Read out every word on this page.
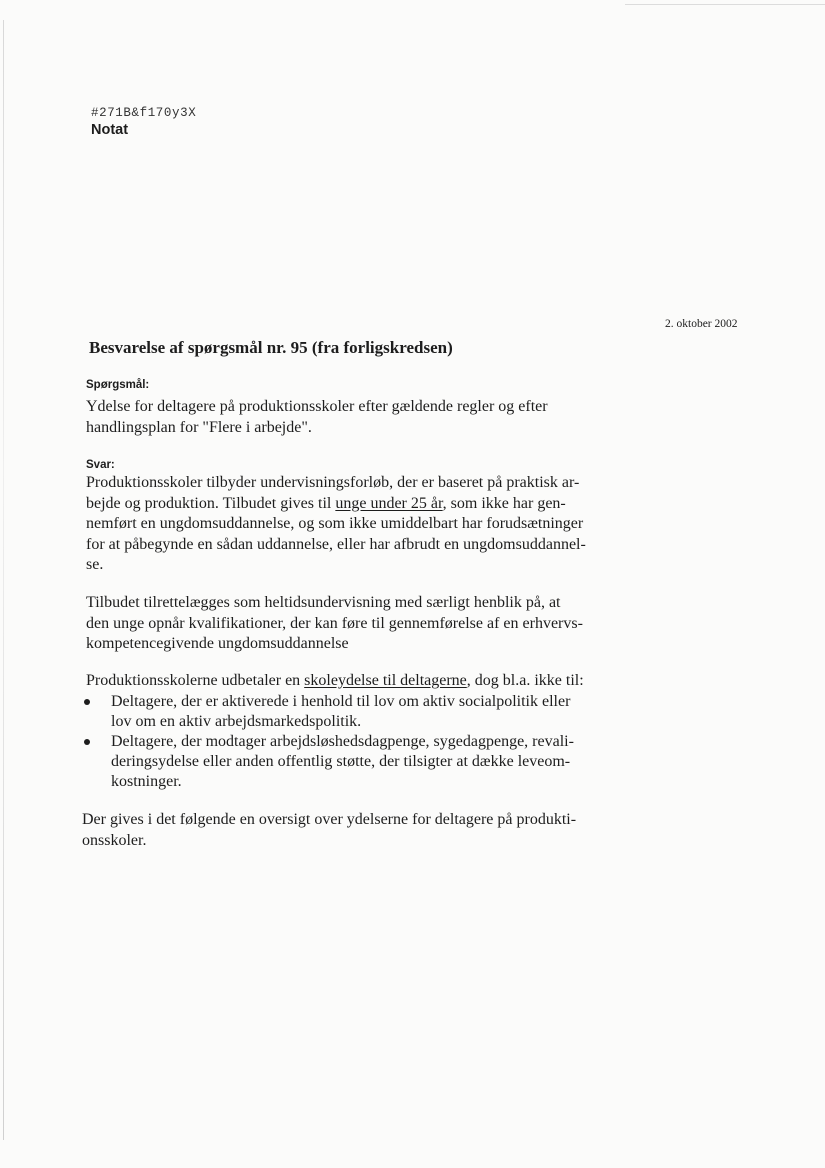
#271B&f170y3X
Notat
2. oktober 2002
Besvarelse af spørgsmål nr. 95 (fra forligskredsen)
Spørgsmål:
Ydelse for deltagere på produktionsskoler efter gældende regler og efter
handlingsplan for "Flere i arbejde".
Svar:
Produktionsskoler tilbyder undervisningsforløb, der er baseret på praktisk ar-
bejde og produktion. Tilbudet gives til unge under 25 år, som ikke har gen-
nemført en ungdomsuddannelse, og som ikke umiddelbart har forudsætninger
for at påbegynde en sådan uddannelse, eller har afbrudt en ungdomsuddannel-
se.
Tilbudet tilrettelægges som heltidsundervisning med særligt henblik på, at
den unge opnår kvalifikationer, der kan føre til gennemførelse af en erhvervs-
kompetencegivende ungdomsuddannelse
Produktionsskolerne udbetaler en skoleydelse til deltagerne, dog bl.a. ikke til:
Deltagere, der er aktiverede i henhold til lov om aktiv socialpolitik eller
lov om en aktiv arbejdsmarkedspolitik.
Deltagere, der modtager arbejdsløshedsdagpenge, sygedagpenge, revali-
deringsydelse eller anden offentlig støtte, der tilsigter at dække leveom-
kostninger.
Der gives i det følgende en oversigt over ydelserne for deltagere på produkti-
onsskoler.
